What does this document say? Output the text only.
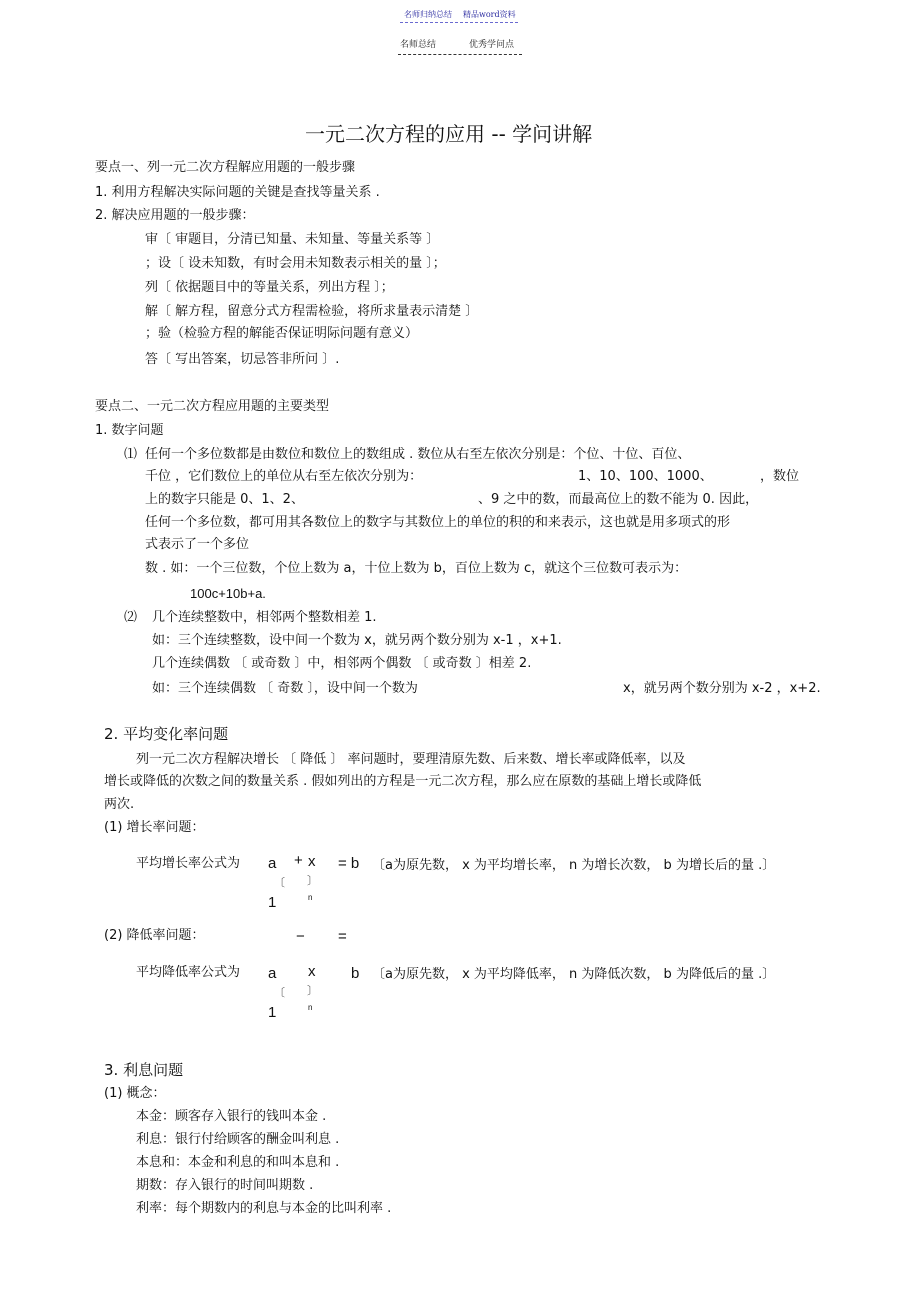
名师归纳总结 精品word资料
名师总结	优秀学问点
一元二次方程的应用 -- 学问讲解
要点一、列一元二次方程解应用题的一般步骤
1. 利用方程解决实际问题的关键是查找等量关系 .
2. 解决应用题的一般步骤：
审〔 审题目，分清已知量、未知量、等量关系等 〕
；设〔 设未知数，有时会用未知数表示相关的量 〕；
列〔 依据题目中的等量关系，列出方程 〕；
解〔 解方程，留意分式方程需检验，将所求量表示清楚 〕
；验（检验方程的解能否保证明际问题有意义）
答〔 写出答案，切忌答非所问 〕.
要点二、一元二次方程应用题的主要类型
1. 数字问题
⑴ 任何一个多位数都是由数位和数位上的数组成 . 数位从右至左依次分别是：个位、十位、百位、
千位 ，它们数位上的单位从右至左依次分别为：	1、10、100、1000、	，数位
上的数字只能是 0、1、2、	、9 之中的数，而最高位上的数不能为 0. 因此，
任何一个多位数，都可用其各数位上的数字与其数位上的单位的积的和来表示，这也就是用多项式的形
式表示了一个多位
数 . 如：一个三位数，个位上数为 a，十位上数为 b，百位上数为 c，就这个三位数可表示为：
100c+10b+a.
⑵ 几个连续整数中，相邻两个整数相差 1.
如：三个连续整数，设中间一个数为 x，就另两个数分别为 x-1 ，x+1.
几个连续偶数 〔 或奇数 〕中，相邻两个偶数 〔 或奇数 〕相差 2.
如：三个连续偶数 〔 奇数 〕，设中间一个数为	x，就另两个数分别为 x-2 ，x+2.
2. 平均变化率问题
列一元二次方程解决增长 〔 降低 〕 率问题时，要理清原先数、后来数、增长率或降低率，以及
增长或降低的次数之间的数量关系 . 假如列出的方程是一元二次方程，那么应在原数的基础上增长或降低
两次.
(1) 增长率问题：
平均增长率公式为 a + x = b 〔a为原先数， x 为平均增长率， n 为增长次数， b 为增长后的量 .〕
〔 〕
1	n
(2) 降低率问题：	− =
平均降低率公式为 a x b 〔a为原先数， x 为平均降低率， n 为降低次数， b 为降低后的量 .〕
〔 〕
1	n
3. 利息问题
(1) 概念：
本金：顾客存入银行的钱叫本金 .
利息：银行付给顾客的酬金叫利息 .
本息和：本金和利息的和叫本息和 .
期数：存入银行的时间叫期数 .
利率：每个期数内的利息与本金的比叫利率 .
